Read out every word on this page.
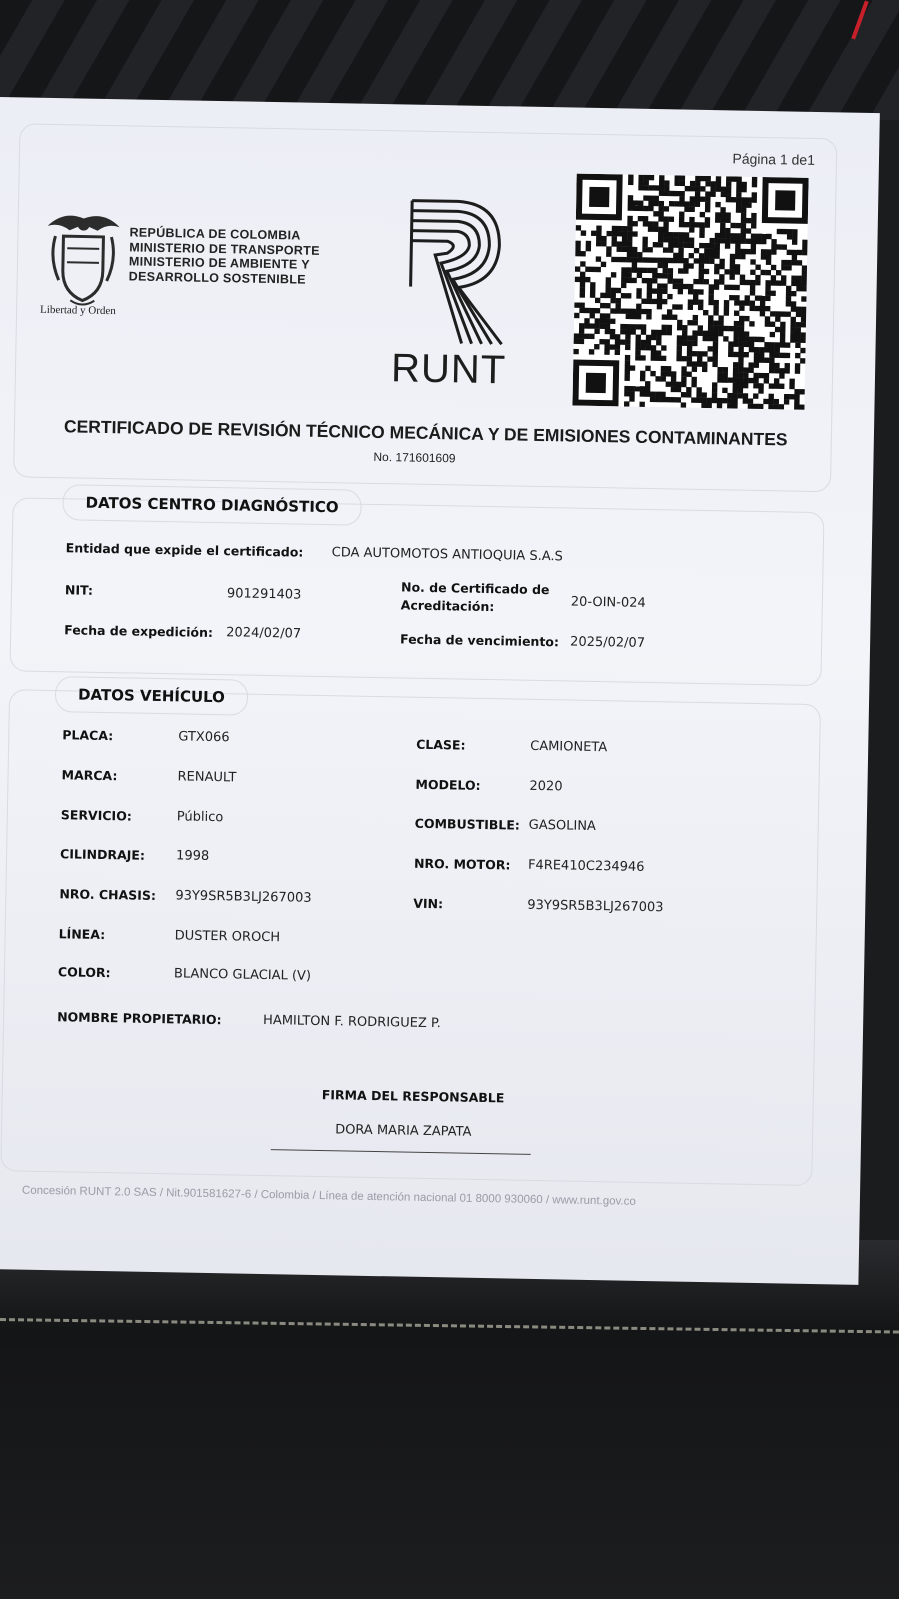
Página 1 de1
Libertad y Orden
REPÚBLICA DE COLOMBIA
MINISTERIO DE TRANSPORTE
MINISTERIO DE AMBIENTE Y
DESARROLLO SOSTENIBLE
RUNT
CERTIFICADO DE REVISIÓN TÉCNICO MECÁNICA Y DE EMISIONES CONTAMINANTES
No. 171601609
DATOS CENTRO DIAGNÓSTICO
Entidad que expide el certificado: CDA AUTOMOTOS ANTIOQUIA S.A.S
NIT:	901291403	No. de Certificado de
Acreditación:	20-OIN-024
Fecha de expedición: 2024/02/07	Fecha de vencimiento: 2025/02/07
DATOS VEHÍCULO
PLACA:	GTX066	CLASE:	CAMIONETA
MARCA:	RENAULT	MODELO:	2020
SERVICIO:	Público	COMBUSTIBLE: GASOLINA
CILINDRAJE: 1998	NRO. MOTOR: F4RE410C234946
NRO. CHASIS: 93Y9SR5B3LJ267003	VIN:	93Y9SR5B3LJ267003
LÍNEA:	DUSTER OROCH
COLOR:	BLANCO GLACIAL (V)
NOMBRE PROPIETARIO:	HAMILTON F. RODRIGUEZ P.
FIRMA DEL RESPONSABLE
DORA MARIA ZAPATA
Concesión RUNT 2.0 SAS / Nit.901581627-6 / Colombia / Línea de atención nacional 01 8000 930060 / www.runt.gov.co
